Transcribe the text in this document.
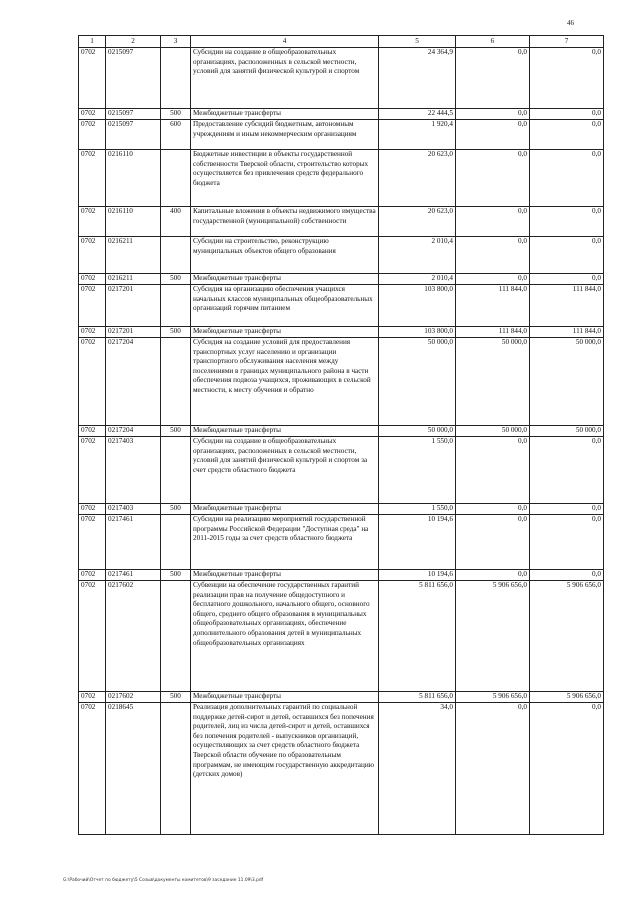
46
1	2	3	4	5	6	7
0702	0215097		Субсидии на создание в общеобразовательных организациях, расположенных в сельской местности, условий для занятий физической культурой и спортом	24 364,9	0,0	0,0
0702	0215097	500	Межбюджетные трансферты	22 444,5	0,0	0,0
0702	0215097	600	Предоставление субсидий бюджетным, автономным учреждениям и иным некоммерческим организациям	1 920,4	0,0	0,0
0702	0216110		Бюджетные инвестиции в объекты государственной собственности Тверской области, строительство которых осуществляется без привлечения средств федерального бюджета	20 623,0	0,0	0,0
0702	0216110	400	Капитальные вложения в объекты недвижимого имущества государственной (муниципальной) собственности	20 623,0	0,0	0,0
0702	0216211		Субсидии на строительство, реконструкцию муниципальных объектов общего образования	2 010,4	0,0	0,0
0702	0216211	500	Межбюджетные трансферты	2 010,4	0,0	0,0
0702	0217201		Субсидия на организацию обеспечения учащихся начальных классов муниципальных общеобразовательных организаций горячим питанием	103 800,0	111 844,0	111 844,0
0702	0217201	500	Межбюджетные трансферты	103 800,0	111 844,0	111 844,0
0702	0217204		Субсидия на создание условий для предоставления транспортных услуг населению и организации транспортного обслуживания населения между поселениями в границах муниципального района в части обеспечения подвоза учащихся, проживающих в сельской местности, к месту обучения и обратно	50 000,0	50 000,0	50 000,0
0702	0217204	500	Межбюджетные трансферты	50 000,0	50 000,0	50 000,0
0702	0217403		Субсидии на создание в общеобразовательных организациях, расположенных в сельской местности, условий для занятий физической культурой и спортом за счет средств областного бюджета	1 550,0	0,0	0,0
0702	0217403	500	Межбюджетные трансферты	1 550,0	0,0	0,0
0702	0217461		Субсидии на реализацию мероприятий государственной программы Российской Федерации "Доступная среда" на 2011-2015 годы за счет средств областного бюджета	10 194,6	0,0	0,0
0702	0217461	500	Межбюджетные трансферты	10 194,6	0,0	0,0
0702	0217602		Субвенции на обеспечение государственных гарантий реализации прав на получение общедоступного и бесплатного дошкольного, начального общего, основного общего, среднего общего образования в муниципальных общеобразовательных организациях, обеспечение дополнительного образования детей в муниципальных общеобразовательных организациях	5 811 656,0	5 906 656,0	5 906 656,0
0702	0217602	500	Межбюджетные трансферты	5 811 656,0	5 906 656,0	5 906 656,0
0702	0218645		Реализация дополнительных гарантий по социальной поддержке детей-сирот и детей, оставшихся без попечения родителей, лиц из числа детей-сирот и детей, оставшихся без попечения родителей - выпускников организаций, осуществляющих за счет средств областного бюджета Тверской области обучение по образовательным программам, не имеющим государственную аккредитацию (детских домов)	34,0	0,0	0,0
G:\Рабочий\Отчет по бюджету\5 Созыв\документы комитетов\9 заседание 11.09\3.pdf
